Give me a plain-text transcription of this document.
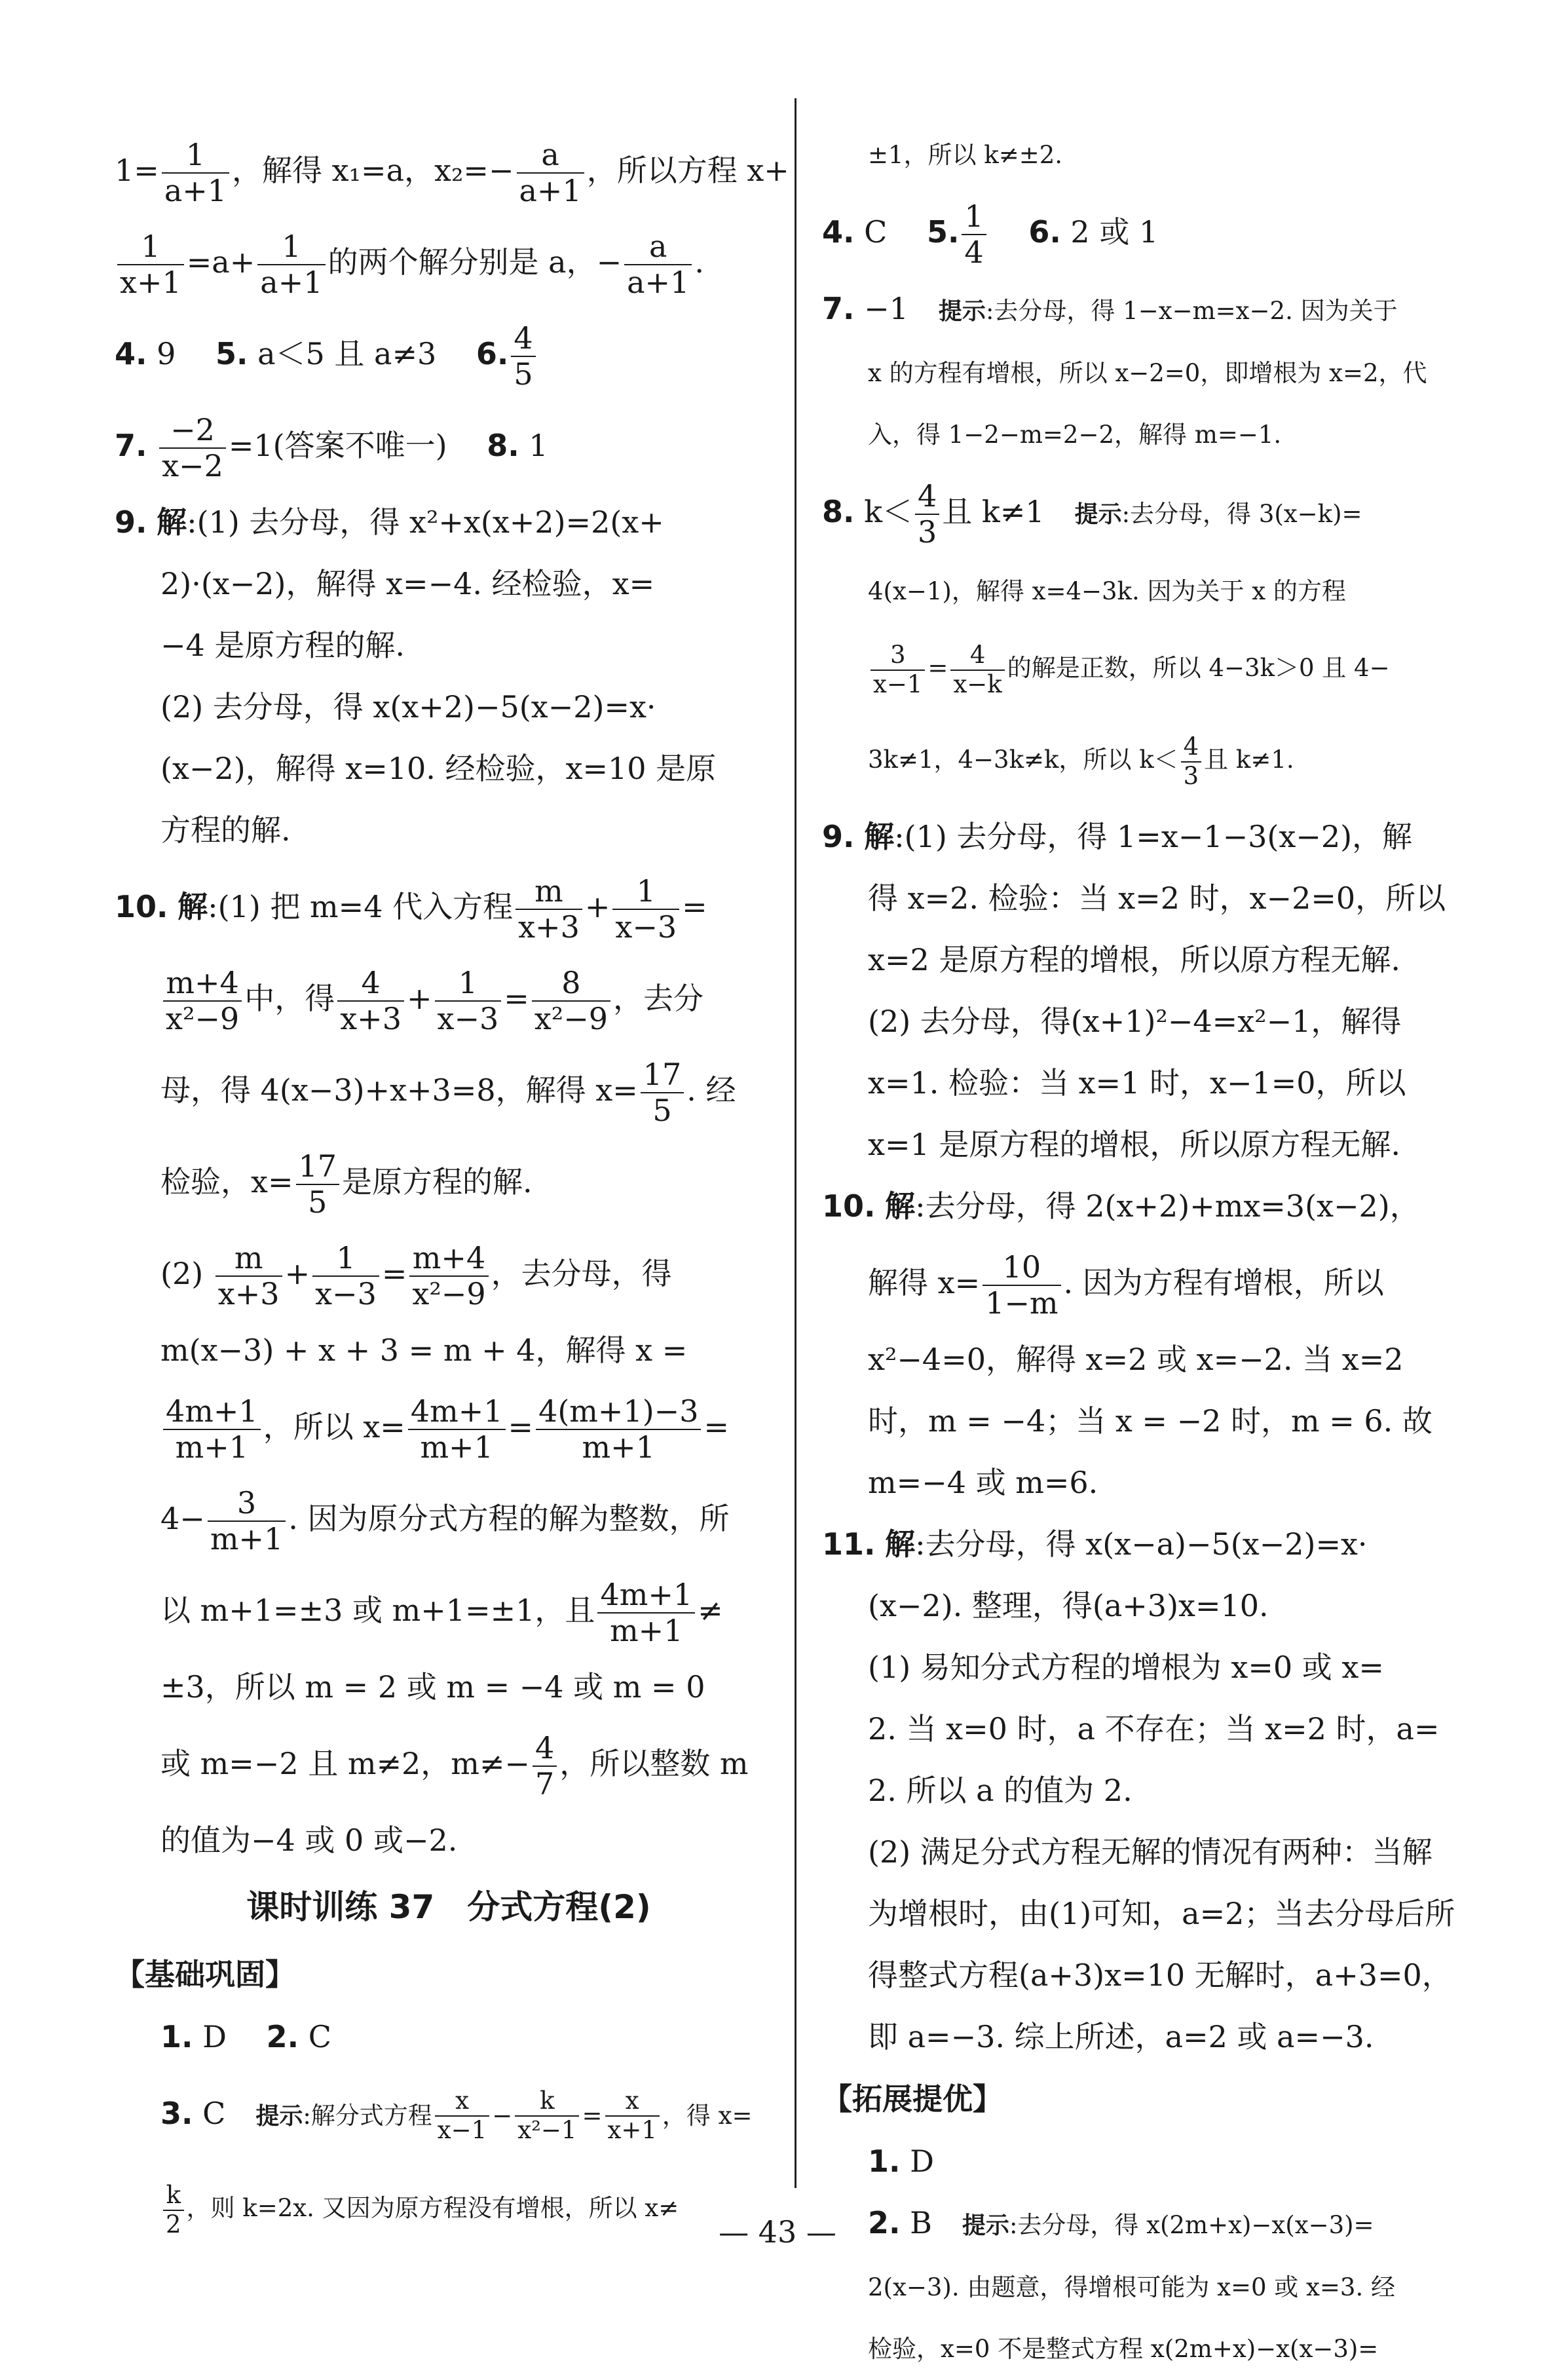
$1= \frac{1}{a+1}$ ，解得 x₁=a，$x_2=- \frac{a}{a+1}$ ，所以方程 x+
$\frac{1}{x+1} =a+ \frac{1}{a+1}$ 的两个解分别是 a，− $\frac{a}{a+1}$ .
4. 9　 5. a＜5 且 a≠3　 6. $\frac{4}{5}$
7. $\frac{-2}{x-2} =1$(答案不唯一)　 8. 1
9. 解:(1) 去分母，得 x²+x(x+2)=2(x+
2)·(x−2)，解得 x=−4. 经检验，x=
−4 是原方程的解.
(2) 去分母，得 x(x+2)−5(x−2)=x·
(x−2)，解得 x=10. 经检验，x=10 是原
方程的解.
10. 解:(1) 把 m=4 代入方程 $\frac{m}{x+3} + \frac{1}{x-3}$ =
$\frac{m+4}{\text{x²−9}}$ 中，得 $\frac{4}{x+3} + \frac{1}{x-3} = \frac{8}{\text{x²−9}}$ ，去分
母，得 4(x−3)+x+3=8，解得 $x= \frac{17}{5}$ . 经
检验，$x= \frac{17}{5}$ 是原方程的解.
$(2) \frac{m}{x+3} + \frac{1}{x-3} = \frac{m+4}{\text{x²−9}}$ ，去分母，得
m(x−3) + x + 3 = m + 4，解得 x =
$\frac{4m+1}{m+1}$ ，所以 $x= \frac{4m+1}{m+1} = \frac{4(m+1)-3}{m+1}$ =
$4- \frac{3}{m+1}$ . 因为原分式方程的解为整数，所
以 m+1=±3 或 m+1=±1，且 $\frac{4m+1}{m+1}$ ≠
±3，所以 m = 2 或 m = −4 或 m = 0
或 m=−2 且 m≠2，$m\ne- \frac{4}{7}$ ，所以整数 m
的值为−4 或 0 或−2.
课时训练 37　分式方程(2)
【基础巩固】
1. D　 2. C
3. C　提示:解分式方程 $\frac{x}{x-1} - \frac{k}{\text{x²−1}} = \frac{x}{x+1}$ ，得 x=
$\frac{k}{2}$ ，则 k=2x. 又因为原方程没有增根，所以 x≠
±1，所以 k≠±2.
4. C　 5. $\frac{1}{4}$
　 6. 2 或 1
7. −1　提示:去分母，得 1−x−m=x−2. 因为关于
x 的方程有增根，所以 x−2=0，即增根为 x=2，代
入，得 1−2−m=2−2，解得 m=−1.
8. $k< \frac{4}{3}$ 且 k≠1　提示:去分母，得 3(x−k)=
4(x−1)，解得 x=4−3k. 因为关于 x 的方程
$\frac{3}{x-1} = \frac{4}{x-k}$ 的解是正数，所以 4−3k＞0 且 4−
3k≠1，4−3k≠k，所以 $k< \frac{4}{3}$ 且 k≠1.
9. 解:(1) 去分母，得 1=x−1−3(x−2)，解
得 x=2. 检验：当 x=2 时，x−2=0，所以
x=2 是原方程的增根，所以原方程无解.
(2) 去分母，得(x+1)²−4=x²−1，解得
x=1. 检验：当 x=1 时，x−1=0，所以
x=1 是原方程的增根，所以原方程无解.
10. 解:去分母，得 2(x+2)+mx=3(x−2)，
解得 $x= \frac{10}{1-m}$ . 因为方程有增根，所以
x²−4=0，解得 x=2 或 x=−2. 当 x=2
时，m = −4；当 x = −2 时，m = 6. 故
m=−4 或 m=6.
11. 解:去分母，得 x(x−a)−5(x−2)=x·
(x−2). 整理，得(a+3)x=10.
(1) 易知分式方程的增根为 x=0 或 x=
2. 当 x=0 时，a 不存在；当 x=2 时，a=
2. 所以 a 的值为 2.
(2) 满足分式方程无解的情况有两种：当解
为增根时，由(1)可知，a=2；当去分母后所
得整式方程(a+3)x=10 无解时，a+3=0，
即 a=−3. 综上所述，a=2 或 a=−3.
【拓展提优】
1. D
2. B　提示:去分母，得 x(2m+x)−x(x−3)=
2(x−3). 由题意，得增根可能为 x=0 或 x=3. 经
检验，x=0 不是整式方程 x(2m+x)−x(x−3)=
— 43 —
